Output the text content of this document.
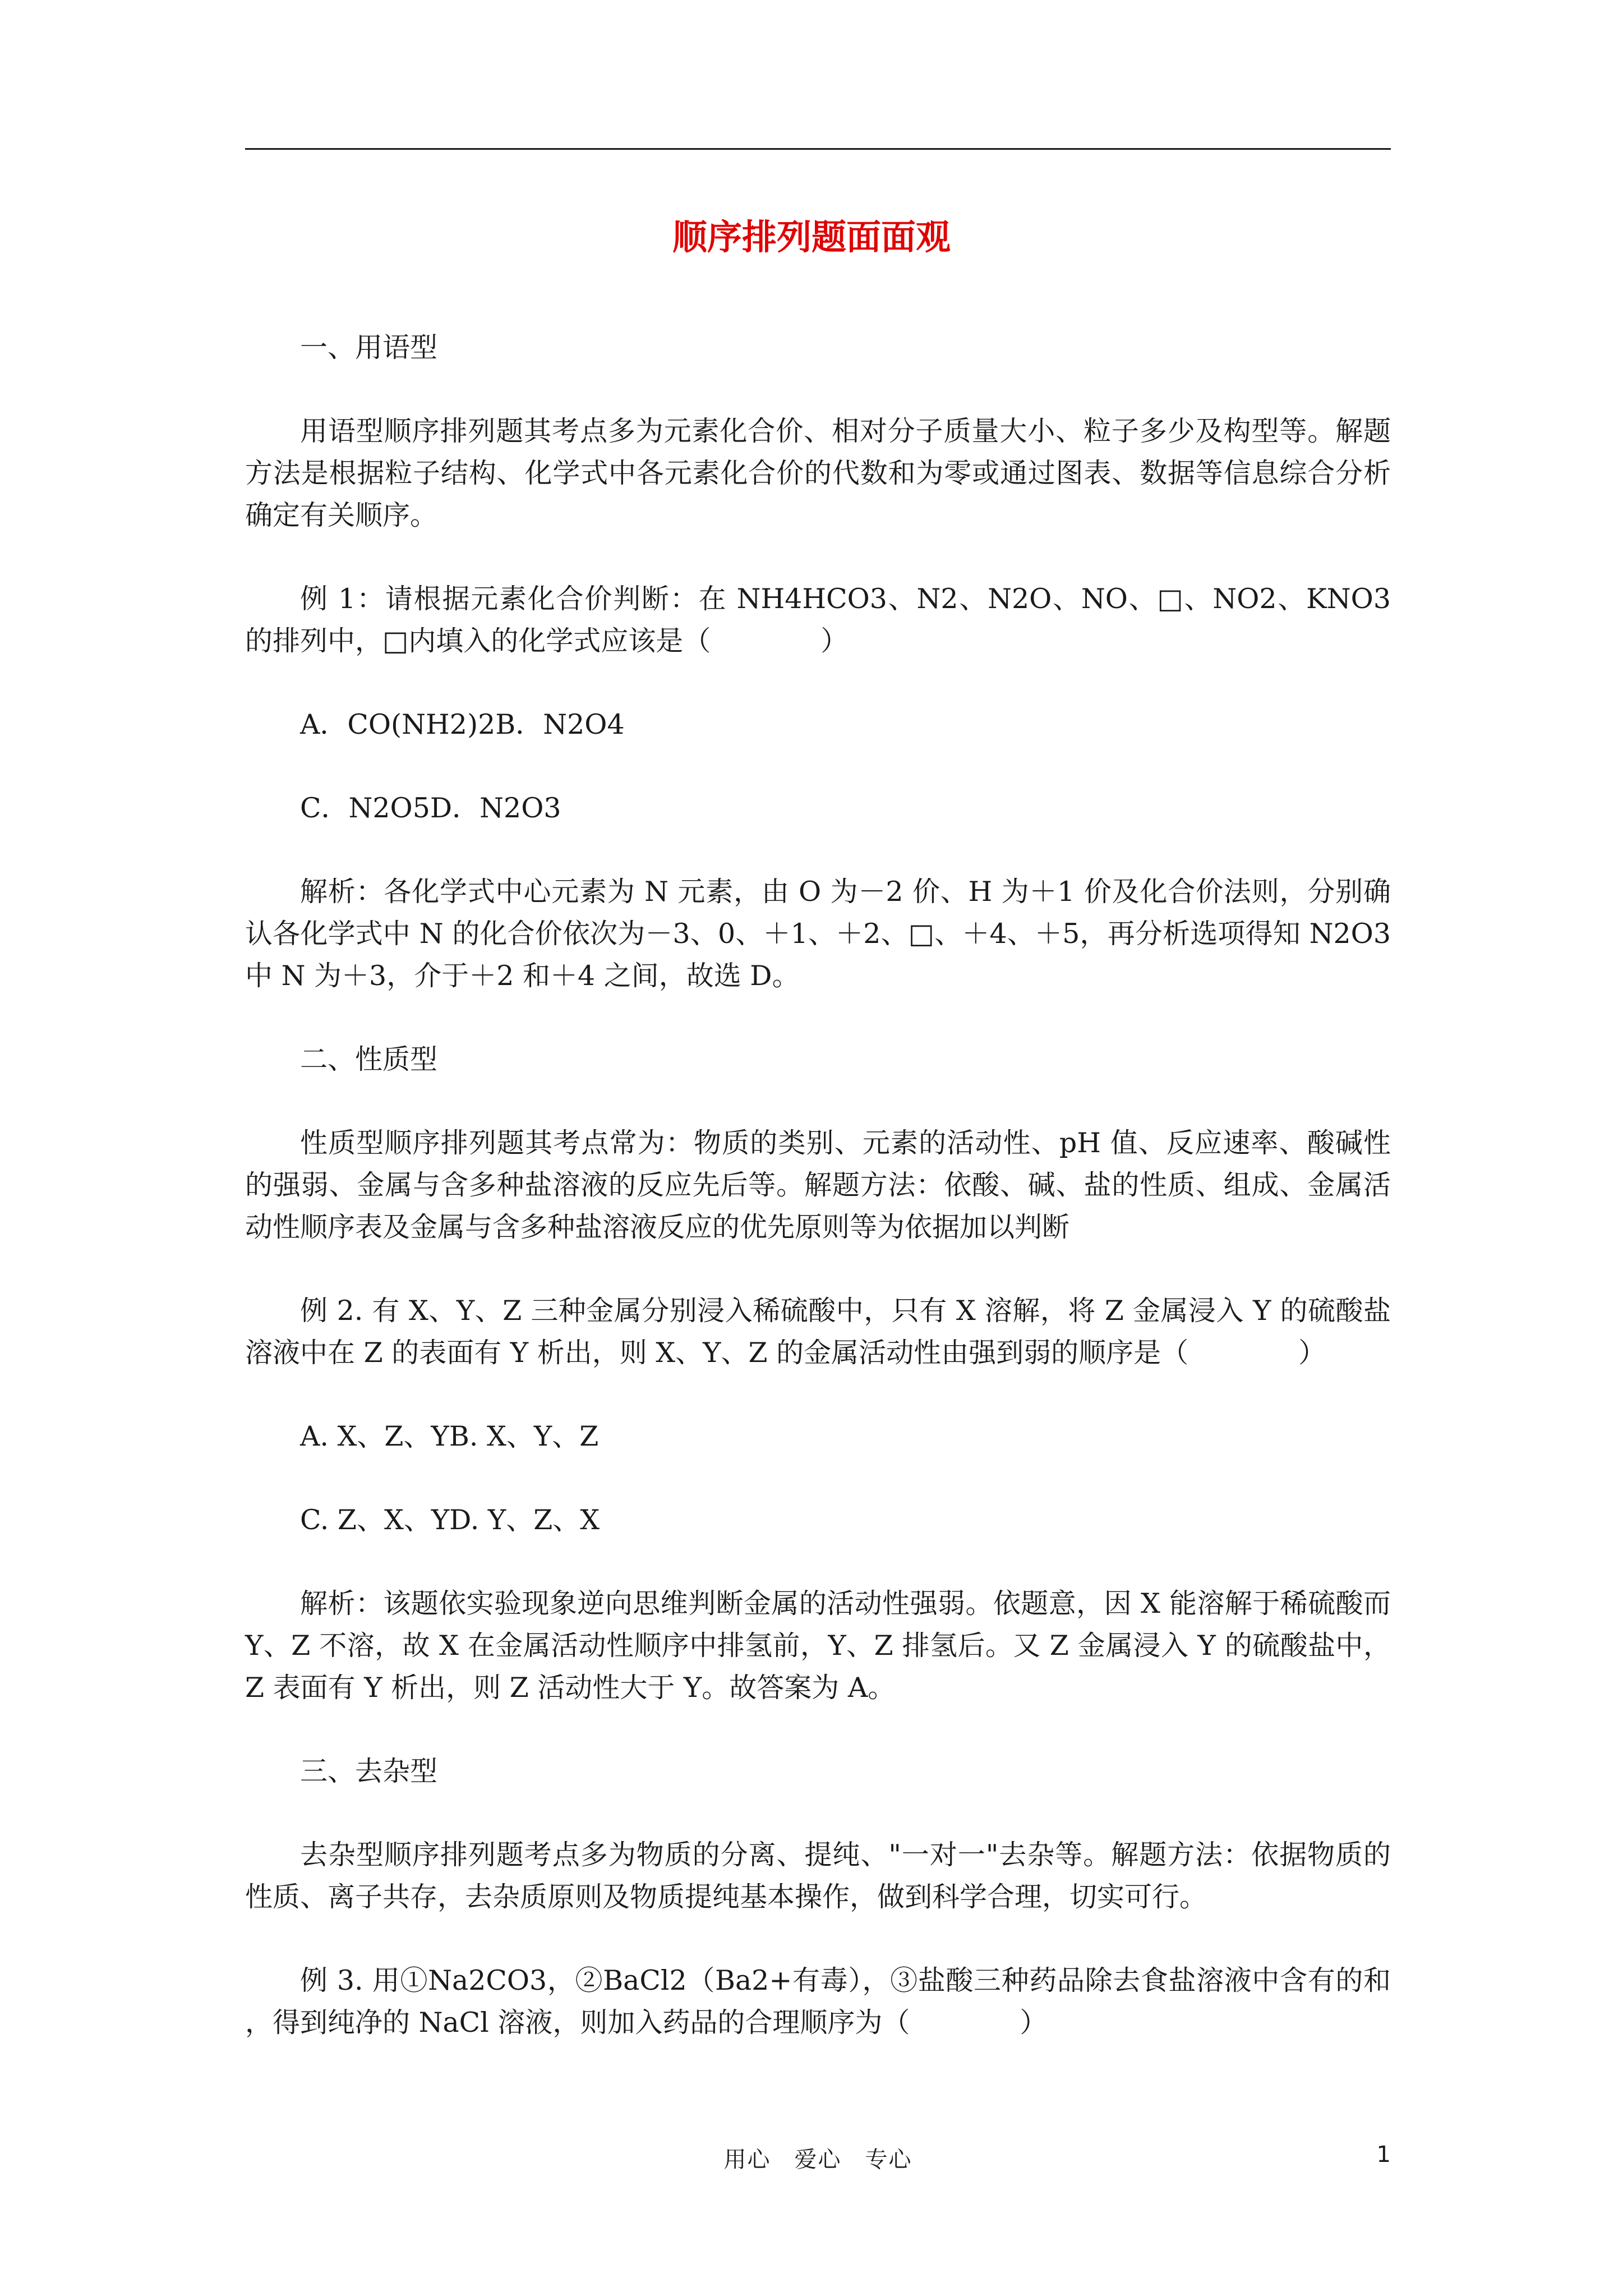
顺序排列题面面观

一、用语型

用语型顺序排列题其考点多为元素化合价、相对分子质量大小、粒子多少及构型等。解题方法是根据粒子结构、化学式中各元素化合价的代数和为零或通过图表、数据等信息综合分析确定有关顺序。

例 1：请根据元素化合价判断：在 NH4HCO3、N2、N2O、NO、□、NO2、KNO3 的排列中，□内填入的化学式应该是（　　　　）

A．CO(NH2)2B．N2O4

C．N2O5D．N2O3

解析：各化学式中心元素为 N 元素，由 O 为－2 价、H 为＋1 价及化合价法则，分别确认各化学式中 N 的化合价依次为－3、0、＋1、＋2、□、＋4、＋5，再分析选项得知 N2O3 中 N 为＋3，介于＋2 和＋4 之间，故选 D。

二、性质型

性质型顺序排列题其考点常为：物质的类别、元素的活动性、pH 值、反应速率、酸碱性的强弱、金属与含多种盐溶液的反应先后等。解题方法：依酸、碱、盐的性质、组成、金属活动性顺序表及金属与含多种盐溶液反应的优先原则等为依据加以判断

例 2. 有 X、Y、Z 三种金属分别浸入稀硫酸中，只有 X 溶解，将 Z 金属浸入 Y 的硫酸盐溶液中在 Z 的表面有 Y 析出，则 X、Y、Z 的金属活动性由强到弱的顺序是（　　　　）

A. X、Z、YB. X、Y、Z

C. Z、X、YD. Y、Z、X

解析：该题依实验现象逆向思维判断金属的活动性强弱。依题意，因 X 能溶解于稀硫酸而 Y、Z 不溶，故 X 在金属活动性顺序中排氢前，Y、Z 排氢后。又 Z 金属浸入 Y 的硫酸盐中，Z 表面有 Y 析出，则 Z 活动性大于 Y。故答案为 A。

三、去杂型

去杂型顺序排列题考点多为物质的分离、提纯、"一对一"去杂等。解题方法：依据物质的性质、离子共存，去杂质原则及物质提纯基本操作，做到科学合理，切实可行。

例 3. 用①Na2CO3，②BaCl2（Ba2+有毒），③盐酸三种药品除去食盐溶液中含有的和 ，得到纯净的 NaCl 溶液，则加入药品的合理顺序为（　　　　）

用心　爱心　专心	1
